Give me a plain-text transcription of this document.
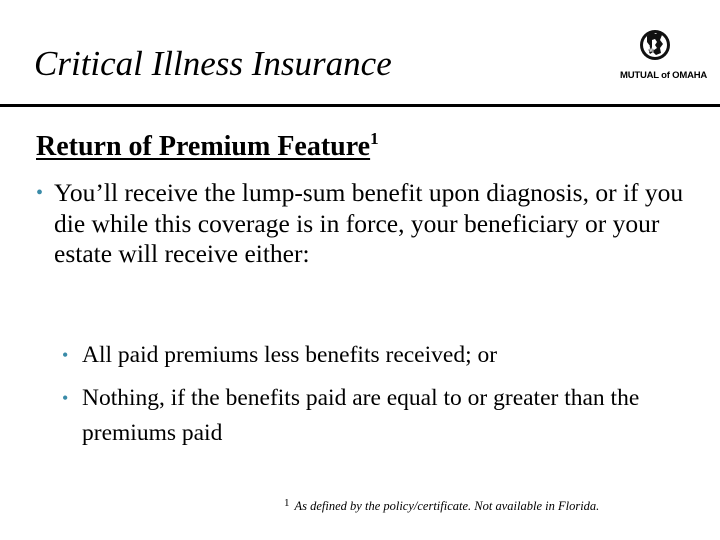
Critical Illness Insurance	M
MUTUAL of OMAHA
Return of Premium Feature$^1$
• You’ll receive the lump-sum benefit upon diagnosis, or if you die while this coverage is in force, your beneficiary or your estate will receive either:
• All paid premiums less benefits received; or
• Nothing, if the benefits paid are equal to or greater than the premiums paid
1 As defined by the policy/certificate. Not available in Florida.
